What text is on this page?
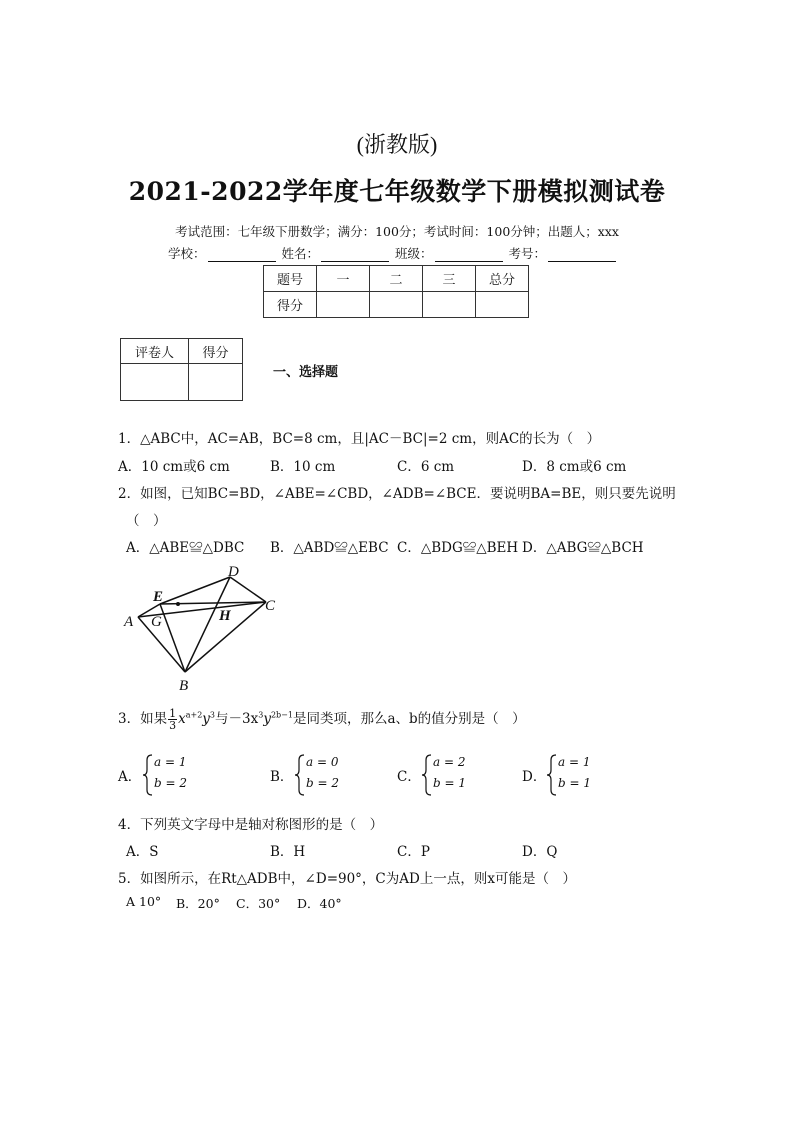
(浙教版)
2021-2022学年度七年级数学下册模拟测试卷
考试范围：七年级下册数学；满分：100分；考试时间：100分钟；出题人；xxx
学校：	姓名：	班级：	考号：
题号	一	二	三	总分
得分				
评卷人	得分

一、选择题
1．△ABC中，AC=AB，BC=8 cm，且|AC－BC|=2 cm，则AC的长为（　）
A．10 cm或6 cm	B．10 cm	C．6 cm	D．8 cm或6 cm
2．如图，已知BC=BD，∠ABE=∠CBD，∠ADB=∠BCE．要说明BA=BE，则只要先说明
（　）
A．△ABE≌△DBC B．△ABD≌△EBC C．△BDG≌△BEH D．△ABG≌△BCH
A
B
C
D
E
G	H
3．如果 $\frac{1}{3} x^{a+2}y^3$与$-3x^3y^{2b-1}$是同类项，那么a、b的值分别是（　）
A．
a = 1
b = 2	B．
a = 0
b = 2	C．
a = 2
b = 1	D．
a = 1
b = 1
4．下列英文字母中是轴对称图形的是（　）
A．S	B．H	C．P	D．Q
5．如图所示，在Rt△ADB中，∠D=90°，C为AD上一点，则x可能是（　）
A 10° B．20° C．30° D．40°
